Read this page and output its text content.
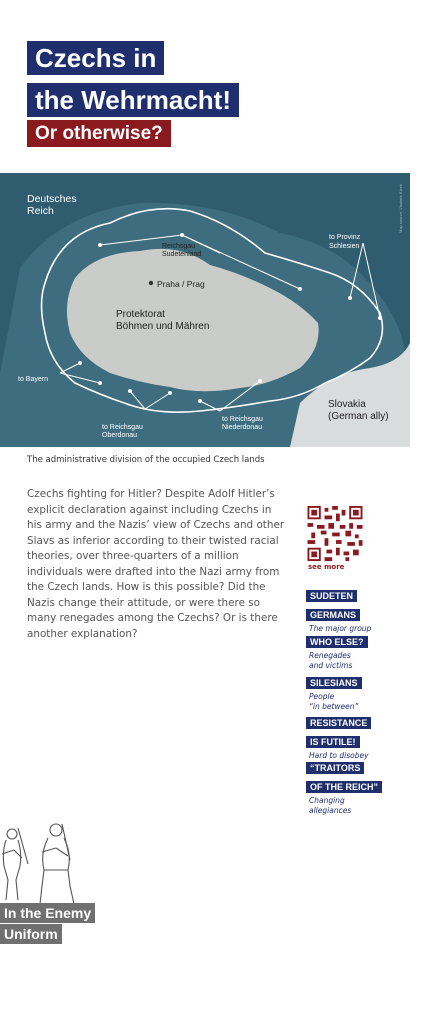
Czechs in
the Wehrmacht!
Or otherwise?
Deutsches
Reich
to Provinz
Schlesien
to Bayern
to Reichsgau
Oberdonau
to Reichsgau
Niederdonau
Reichsgau
Sudetenland
Praha / Prag
Protektorat
Böhmen und Mähren
Slovakia
(German ally)
Map source: Vladimír Bízek
The administrative division of the occupied Czech lands
Czechs fighting for Hitler? Despite Adolf Hitler’s explicit declaration against including Czechs in his army and the Nazis’ view of Czechs and other Slavs as inferior according to their twisted racial theories, over three-quarters of a million individuals were drafted into the Nazi army from the Czech lands. How is this possible? Did the Nazis change their attitude, or were there so many renegades among the Czechs? Or is there another explanation?
see more
SUDETEN
GERMANS
The major group
WHO ELSE?
Renegades
and victims
SILESIANS
People
“in between”
RESISTANCE
IS FUTILE!
Hard to disobey
“TRAITORS
OF THE REICH”
Changing
allegiances
In the Enemy
Uniform
